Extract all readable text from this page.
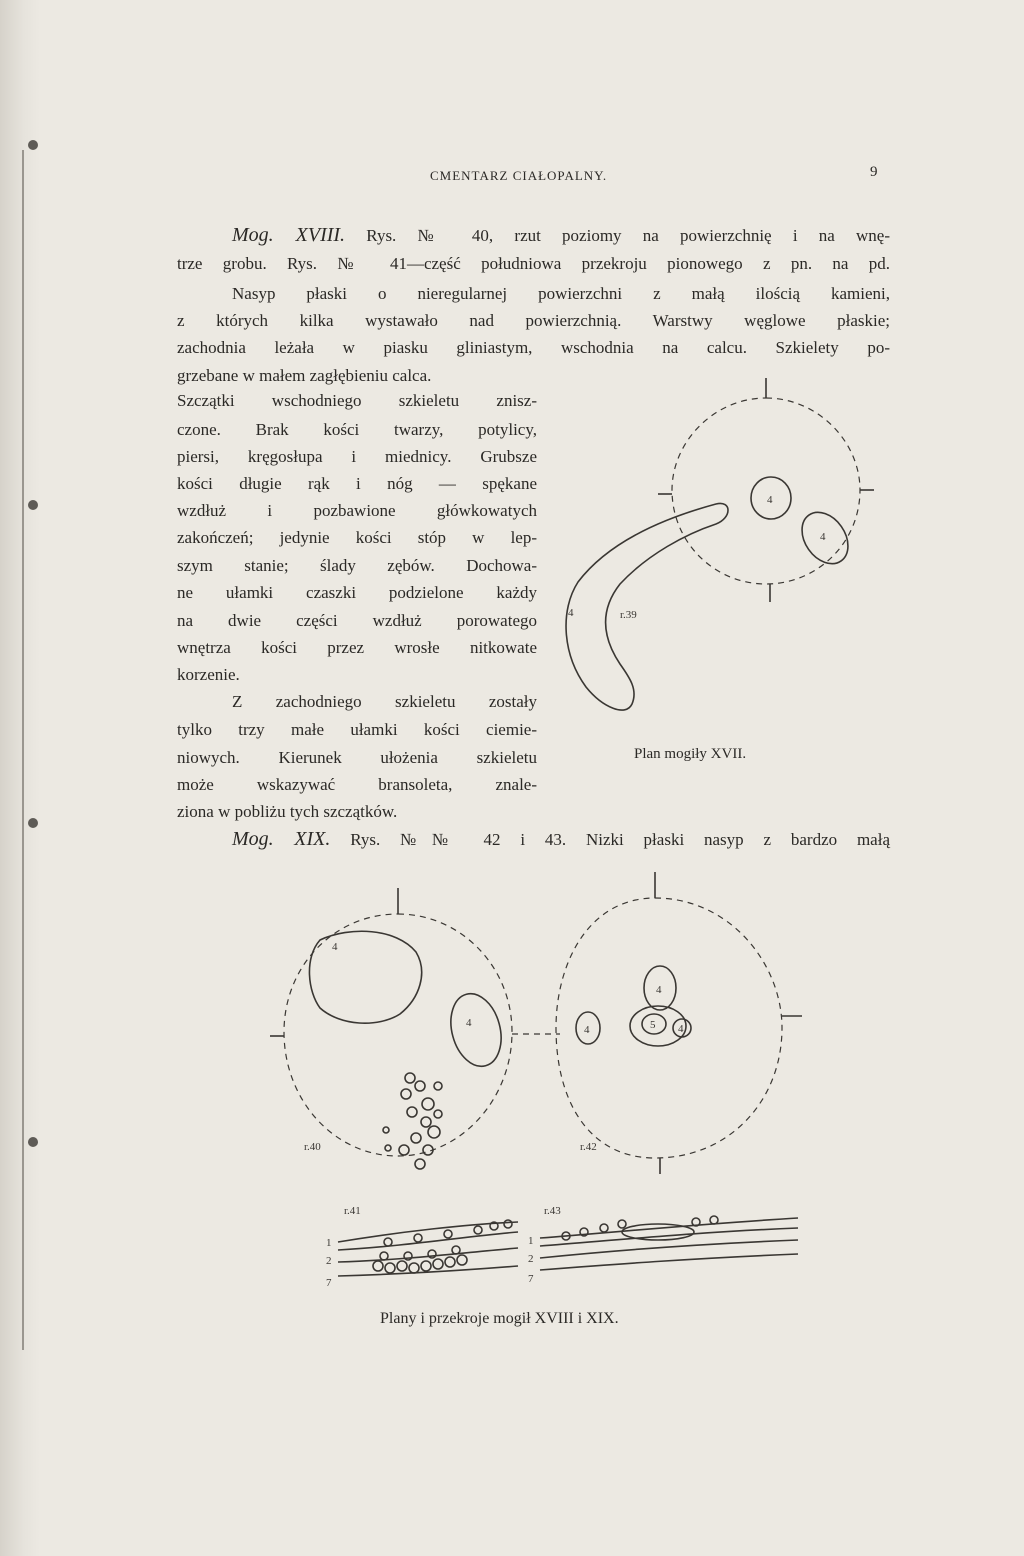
CMENTARZ CIAŁOPALNY.	9
Mog. XVIII. Rys. № 40, rzut poziomy na powierzchnię i na wnę-
trze grobu. Rys. № 41—część południowa przekroju pionowego z pn. na pd.
Nasyp płaski o nieregularnej powierzchni z małą ilością kamieni,
z których kilka wystawało nad powierzchnią. Warstwy węglowe płaskie;
zachodnia leżała w piasku gliniastym, wschodnia na calcu. Szkielety po-
grzebane w małem zagłębieniu calca.
Szczątki wschodniego szkieletu znisz-
czone. Brak kości twarzy, potylicy,
piersi, kręgosłupa i miednicy. Grubsze
kości długie rąk i nóg — spękane
wzdłuż i pozbawione główkowatych
zakończeń; jedynie kości stóp w lep-
szym stanie; ślady zębów. Dochowa-
ne ułamki czaszki podzielone każdy
na dwie części wzdłuż porowatego
wnętrza kości przez wrosłe nitkowate
korzenie.
Z zachodniego szkieletu zostały
tylko trzy małe ułamki kości ciemie-
niowych. Kierunek ułożenia szkieletu
może wskazywać bransoleta, znale-
ziona w pobliżu tych szczątków.
Mog. XIX. Rys. №№ 42 i 43. Nizki płaski nasyp z bardzo małą
4
4
4	r.39
Plan mogiły XVII.
4
4
r.40
4
4	5 4
r.42
r.41
1
2
7
r.43
1
2
7
Plany i przekroje mogił XVIII i XIX.
